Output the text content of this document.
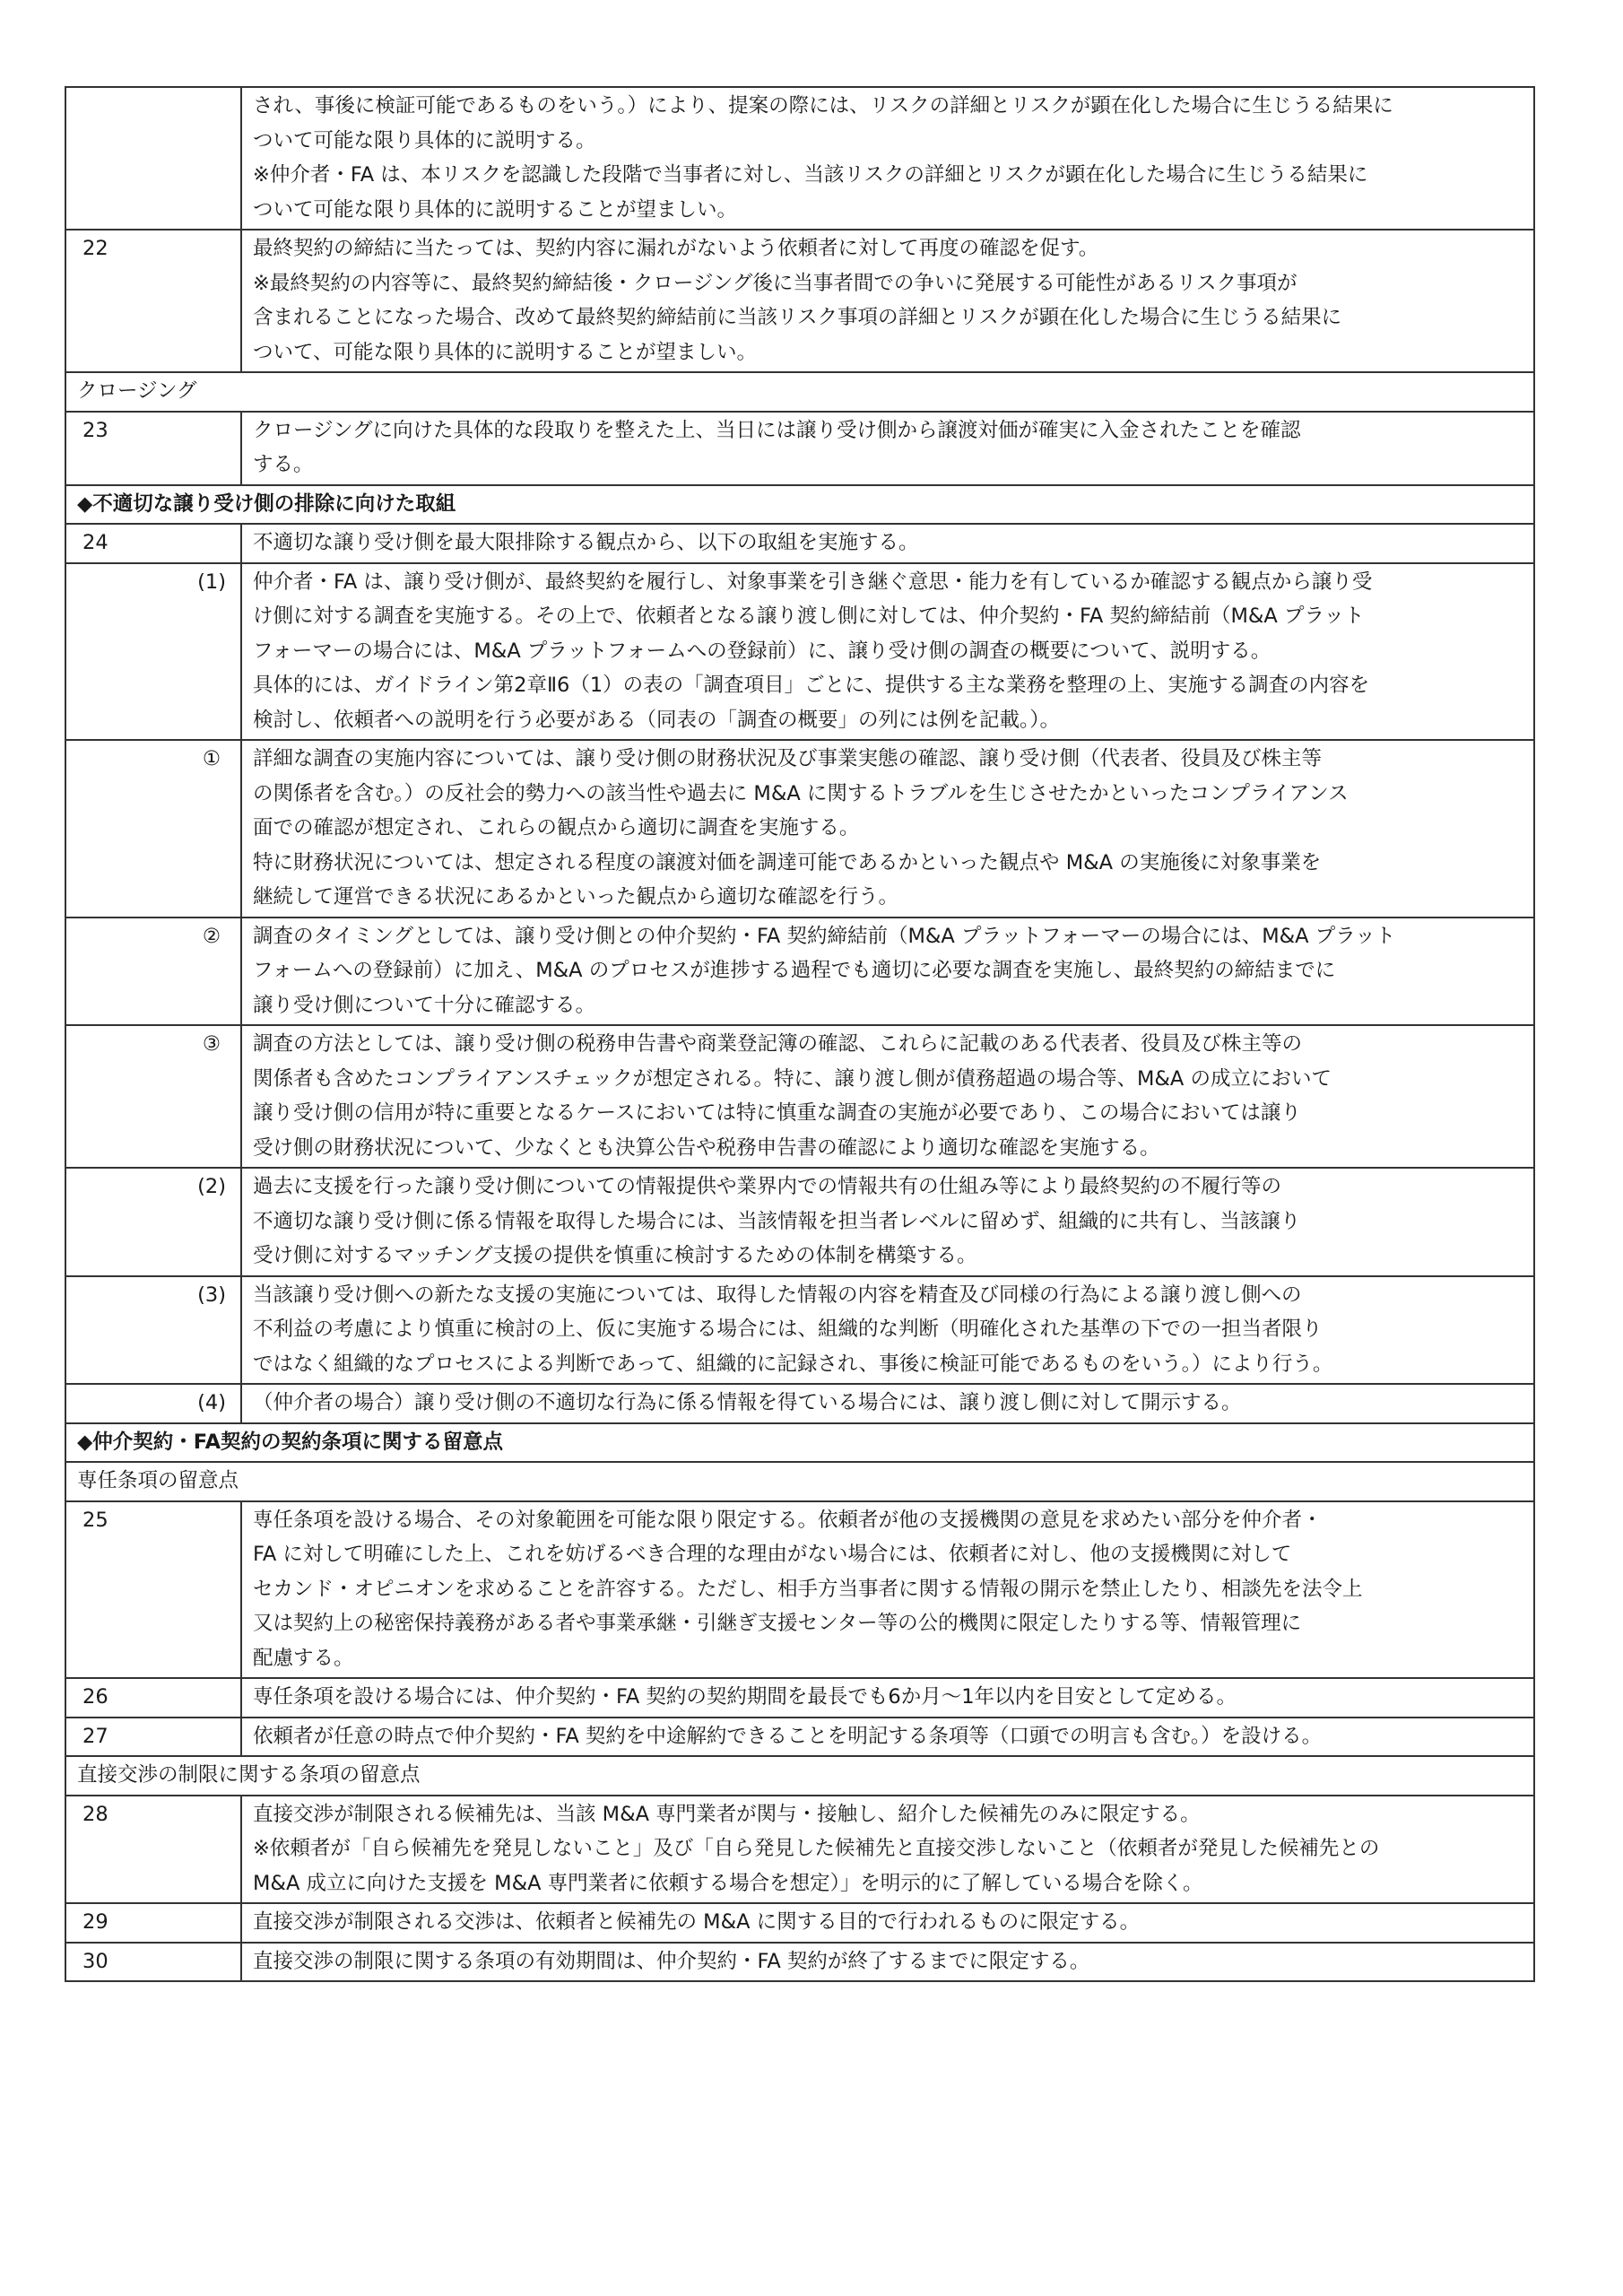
	され、事後に検証可能であるものをいう。）により、提案の際には、リスクの詳細とリスクが顕在化した場合に生じうる結果に
ついて可能な限り具体的に説明する。
※仲介者・FA は、本リスクを認識した段階で当事者に対し、当該リスクの詳細とリスクが顕在化した場合に生じうる結果に
ついて可能な限り具体的に説明することが望ましい。

22	最終契約の締結に当たっては、契約内容に漏れがないよう依頼者に対して再度の確認を促す。
※最終契約の内容等に、最終契約締結後・クロージング後に当事者間での争いに発展する可能性があるリスク事項が
含まれることになった場合、改めて最終契約締結前に当該リスク事項の詳細とリスクが顕在化した場合に生じうる結果に
ついて、可能な限り具体的に説明することが望ましい。

クロージング	
23	クロージングに向けた具体的な段取りを整えた上、当日には譲り受け側から譲渡対価が確実に入金されたことを確認
する。

◆不適切な譲り受け側の排除に向けた取組	
24	不適切な譲り受け側を最大限排除する観点から、以下の取組を実施する。

(1)	仲介者・FA は、譲り受け側が、最終契約を履行し、対象事業を引き継ぐ意思・能力を有しているか確認する観点から譲り受
け側に対する調査を実施する。その上で、依頼者となる譲り渡し側に対しては、仲介契約・FA 契約締結前（M&A プラット
フォーマーの場合には、M&A プラットフォームへの登録前）に、譲り受け側の調査の概要について、説明する。
具体的には、ガイドライン第2章Ⅱ6（1）の表の「調査項目」ごとに、提供する主な業務を整理の上、実施する調査の内容を
検討し、依頼者への説明を行う必要がある（同表の「調査の概要」の列には例を記載。）。

①	詳細な調査の実施内容については、譲り受け側の財務状況及び事業実態の確認、譲り受け側（代表者、役員及び株主等
の関係者を含む。）の反社会的勢力への該当性や過去に M&A に関するトラブルを生じさせたかといったコンプライアンス
面での確認が想定され、これらの観点から適切に調査を実施する。
特に財務状況については、想定される程度の譲渡対価を調達可能であるかといった観点や M&A の実施後に対象事業を
継続して運営できる状況にあるかといった観点から適切な確認を行う。

②	調査のタイミングとしては、譲り受け側との仲介契約・FA 契約締結前（M&A プラットフォーマーの場合には、M&A プラット
フォームへの登録前）に加え、M&A のプロセスが進捗する過程でも適切に必要な調査を実施し、最終契約の締結までに
譲り受け側について十分に確認する。

③	調査の方法としては、譲り受け側の税務申告書や商業登記簿の確認、これらに記載のある代表者、役員及び株主等の
関係者も含めたコンプライアンスチェックが想定される。特に、譲り渡し側が債務超過の場合等、M&A の成立において
譲り受け側の信用が特に重要となるケースにおいては特に慎重な調査の実施が必要であり、この場合においては譲り
受け側の財務状況について、少なくとも決算公告や税務申告書の確認により適切な確認を実施する。

(2)	過去に支援を行った譲り受け側についての情報提供や業界内での情報共有の仕組み等により最終契約の不履行等の
不適切な譲り受け側に係る情報を取得した場合には、当該情報を担当者レベルに留めず、組織的に共有し、当該譲り
受け側に対するマッチング支援の提供を慎重に検討するための体制を構築する。

(3)	当該譲り受け側への新たな支援の実施については、取得した情報の内容を精査及び同様の行為による譲り渡し側への
不利益の考慮により慎重に検討の上、仮に実施する場合には、組織的な判断（明確化された基準の下での一担当者限り
ではなく組織的なプロセスによる判断であって、組織的に記録され、事後に検証可能であるものをいう。）により行う。

(4)	（仲介者の場合）譲り受け側の不適切な行為に係る情報を得ている場合には、譲り渡し側に対して開示する。

◆仲介契約・FA契約の契約条項に関する留意点	
専任条項の留意点	
25	専任条項を設ける場合、その対象範囲を可能な限り限定する。依頼者が他の支援機関の意見を求めたい部分を仲介者・
FA に対して明確にした上、これを妨げるべき合理的な理由がない場合には、依頼者に対し、他の支援機関に対して
セカンド・オピニオンを求めることを許容する。ただし、相手方当事者に関する情報の開示を禁止したり、相談先を法令上
又は契約上の秘密保持義務がある者や事業承継・引継ぎ支援センター等の公的機関に限定したりする等、情報管理に
配慮する。

26	専任条項を設ける場合には、仲介契約・FA 契約の契約期間を最長でも6か月～1年以内を目安として定める。

27	依頼者が任意の時点で仲介契約・FA 契約を中途解約できることを明記する条項等（口頭での明言も含む。）を設ける。

直接交渉の制限に関する条項の留意点	
28	直接交渉が制限される候補先は、当該 M&A 専門業者が関与・接触し、紹介した候補先のみに限定する。
※依頼者が「自ら候補先を発見しないこと」及び「自ら発見した候補先と直接交渉しないこと（依頼者が発見した候補先との
M&A 成立に向けた支援を M&A 専門業者に依頼する場合を想定）」を明示的に了解している場合を除く。

29	直接交渉が制限される交渉は、依頼者と候補先の M&A に関する目的で行われるものに限定する。

30	直接交渉の制限に関する条項の有効期間は、仲介契約・FA 契約が終了するまでに限定する。
